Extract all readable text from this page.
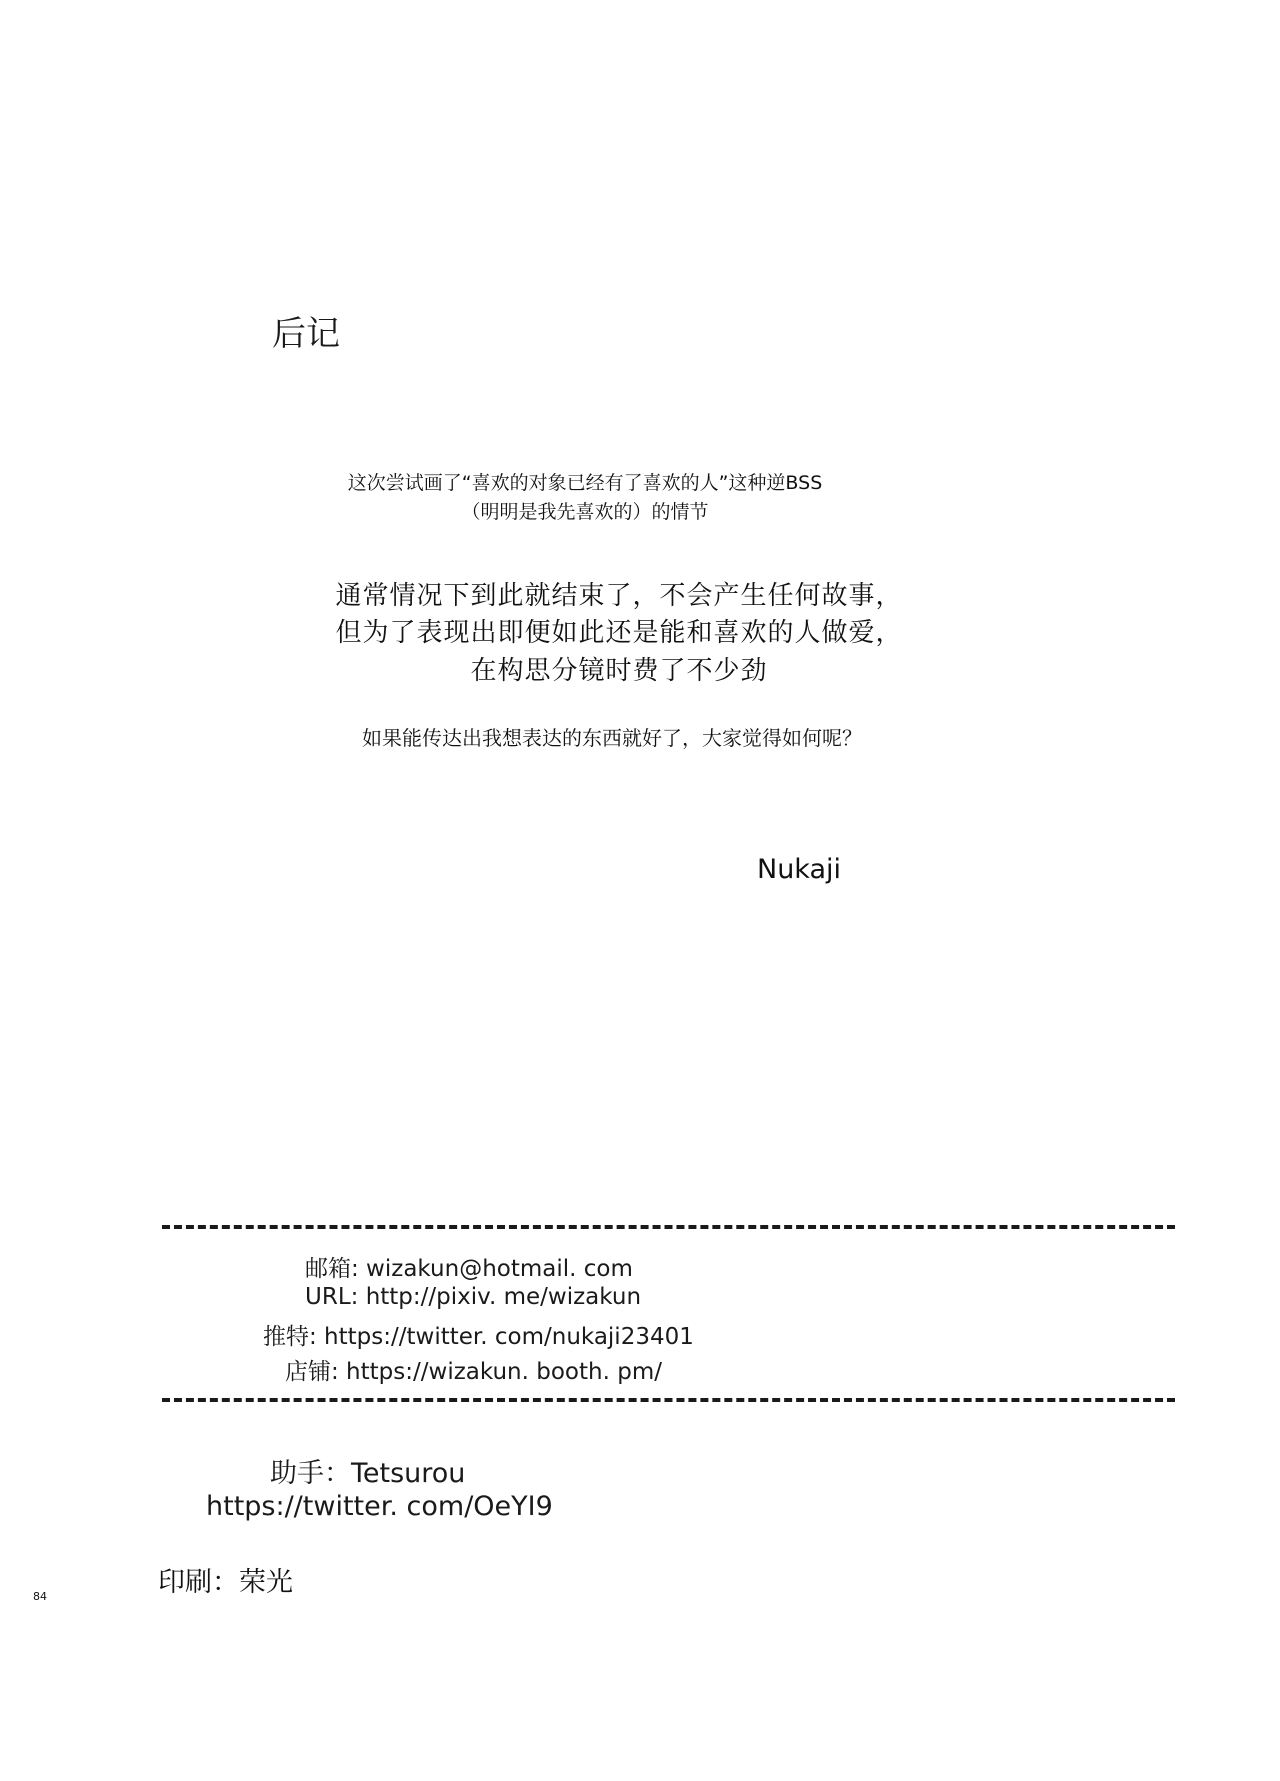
后记
这次尝试画了“喜欢的对象已经有了喜欢的人”这种逆BSS
（明明是我先喜欢的）的情节
通常情况下到此就结束了，不会产生任何故事，
但为了表现出即便如此还是能和喜欢的人做爱，
在构思分镜时费了不少劲
如果能传达出我想表达的东西就好了，大家觉得如何呢？
Nukaji
邮箱: wizakun@hotmail. com
URL: http://pixiv. me/wizakun
推特: https://twitter. com/nukaji23401
店铺: https://wizakun. booth. pm/
助手：Tetsurou
https://twitter. com/OeYI9
印刷：荣光
84
